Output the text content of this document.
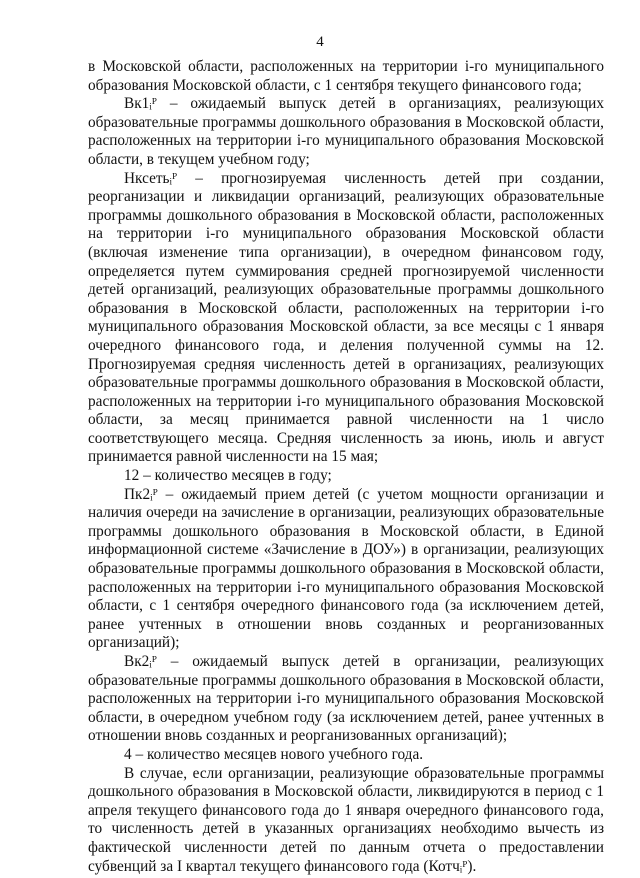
4

в Московской области, расположенных на территории i-го муниципального образования Московской области, с 1 сентября текущего финансового года;

Вк1ᵢᴾ – ожидаемый выпуск детей в организациях, реализующих образовательные программы дошкольного образования в Московской области, расположенных на территории i-го муниципального образования Московской области, в текущем учебном году;

Нксетьᵢᴾ – прогнозируемая численность детей при создании, реорганизации и ликвидации организаций, реализующих образовательные программы дошкольного образования в Московской области, расположенных на территории i-го муниципального образования Московской области (включая изменение типа организации), в очередном финансовом году, определяется путем суммирования средней прогнозируемой численности детей организаций, реализующих образовательные программы дошкольного образования в Московской области, расположенных на территории i-го муниципального образования Московской области, за все месяцы с 1 января очередного финансового года, и деления полученной суммы на 12. Прогнозируемая средняя численность детей в организациях, реализующих образовательные программы дошкольного образования в Московской области, расположенных на территории i-го муниципального образования Московской области, за месяц принимается равной численности на 1 число соответствующего месяца. Средняя численность за июнь, июль и август принимается равной численности на 15 мая;

12 – количество месяцев в году;

Пк2ᵢᴾ – ожидаемый прием детей (с учетом мощности организации и наличия очереди на зачисление в организации, реализующих образовательные программы дошкольного образования в Московской области, в Единой информационной системе «Зачисление в ДОУ») в организации, реализующих образовательные программы дошкольного образования в Московской области, расположенных на территории i-го муниципального образования Московской области, с 1 сентября очередного финансового года (за исключением детей, ранее учтенных в отношении вновь созданных и реорганизованных организаций);

Вк2ᵢᴾ – ожидаемый выпуск детей в организации, реализующих образовательные программы дошкольного образования в Московской области, расположенных на территории i-го муниципального образования Московской области, в очередном учебном году (за исключением детей, ранее учтенных в отношении вновь созданных и реорганизованных организаций);

4 – количество месяцев нового учебного года.

В случае, если организации, реализующие образовательные программы дошкольного образования в Московской области, ликвидируются в период с 1 апреля текущего финансового года до 1 января очередного финансового года, то численность детей в указанных организациях необходимо вычесть из фактической численности детей по данным отчета о предоставлении субвенций за I квартал текущего финансового года (Котчᵢᴾ).
